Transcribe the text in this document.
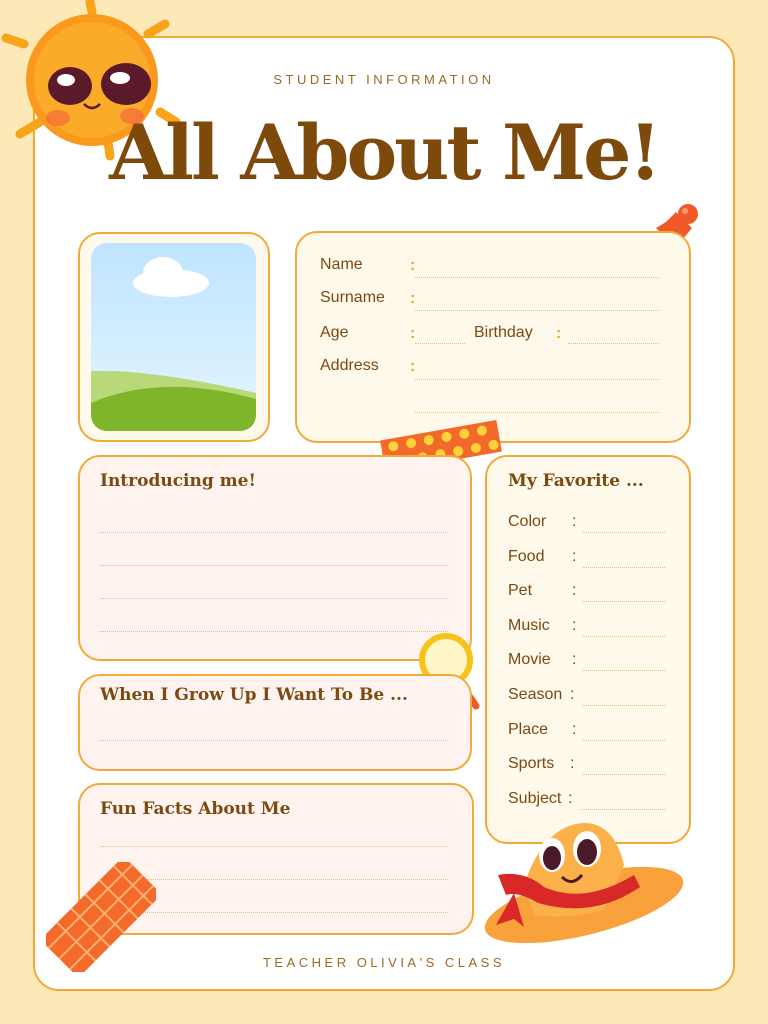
STUDENT INFORMATION
All About Me!
Name	:
Surname :
Age	:	Birthday :
Address :
Introducing me!
When I Grow Up I Want To Be ...
Fun Facts About Me
My Favorite ...
Color :
Food :
Pet :
Music :
Movie :
Season :
Place :
Sports :
Subject :
TEACHER OLIVIA'S CLASS
